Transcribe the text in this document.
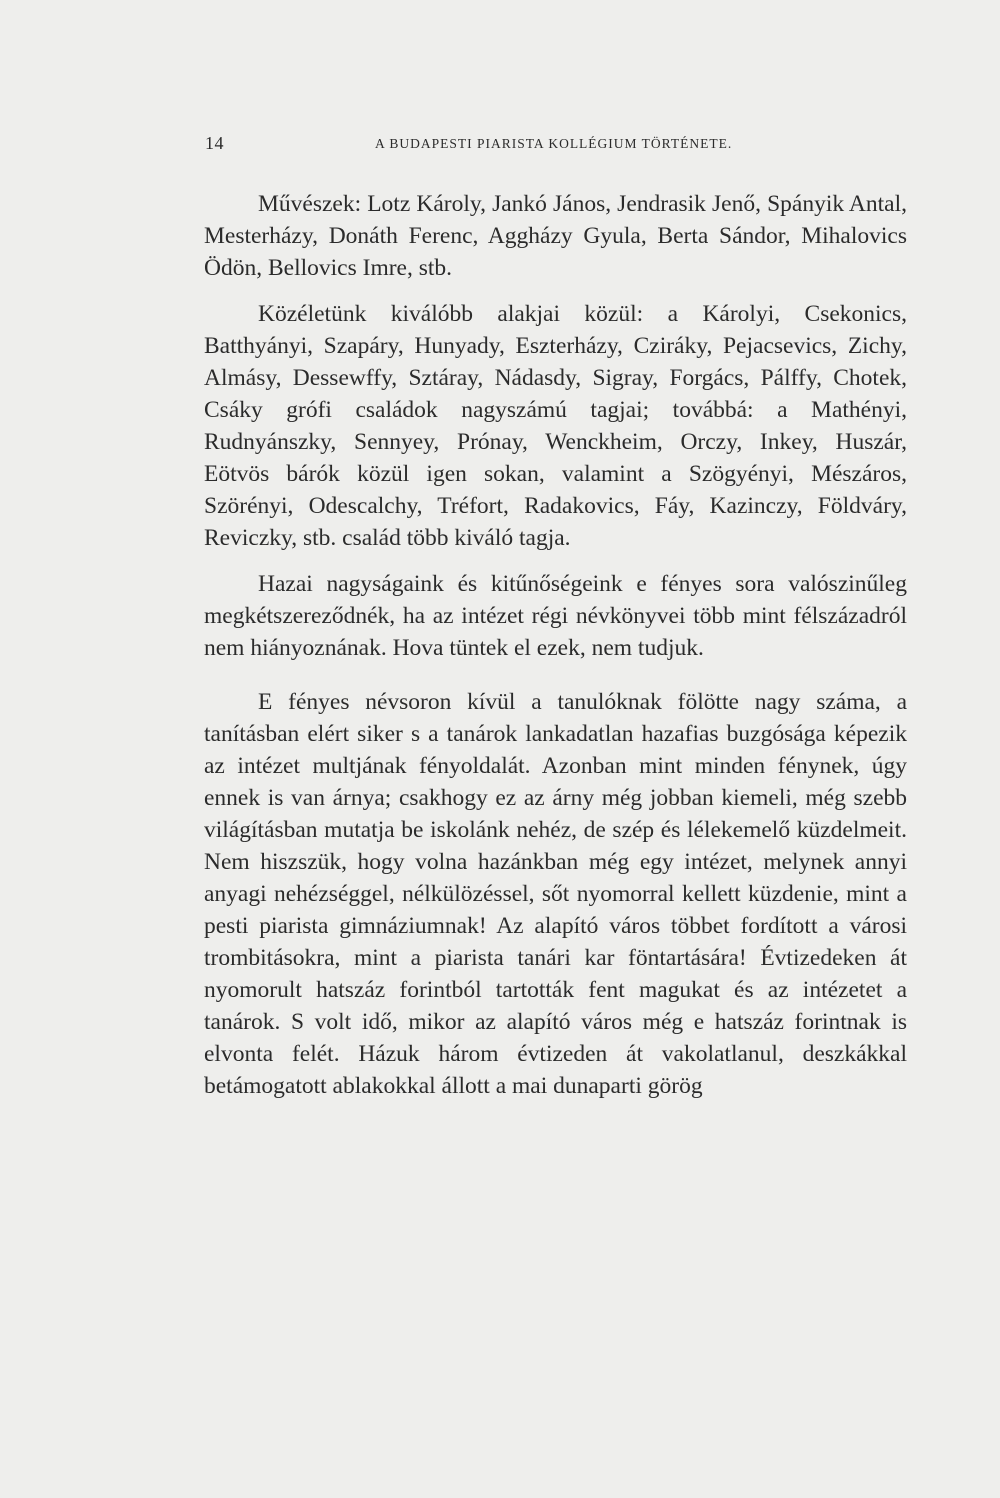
14	A BUDAPESTI PIARISTA KOLLÉGIUM TÖRTÉNETE.

Művészek: Lotz Károly, Jankó János, Jendrasik Jenő, Spányik Antal, Mesterházy, Donáth Ferenc, Aggházy Gyula, Berta Sándor, Mihalovics Ödön, Bellovics Imre, stb.

Közéletünk kiválóbb alakjai közül: a Károlyi, Csekonics, Batthyányi, Szapáry, Hunyady, Eszterházy, Cziráky, Pejacsevics, Zichy, Almásy, Dessewffy, Sztáray, Nádasdy, Sigray, Forgács, Pálffy, Chotek, Csáky grófi családok nagyszámú tagjai; továbbá: a Mathényi, Rudnyánszky, Sennyey, Prónay, Wenckheim, Orczy, Inkey, Huszár, Eötvös bárók közül igen sokan, valamint a Szögyényi, Mészáros, Szörényi, Odescalchy, Tréfort, Radakovics, Fáy, Kazinczy, Földváry, Reviczky, stb. család több kiváló tagja.

Hazai nagyságaink és kitűnőségeink e fényes sora valószinűleg megkétszereződnék, ha az intézet régi névkönyvei több mint félszázadról nem hiányoznának. Hova tüntek el ezek, nem tudjuk.

E fényes névsoron kívül a tanulóknak fölötte nagy száma, a tanításban elért siker s a tanárok lankadatlan hazafias buzgósága képezik az intézet multjának fényoldalát. Azonban mint minden fénynek, úgy ennek is van árnya; csakhogy ez az árny még jobban kiemeli, még szebb világításban mutatja be iskolánk nehéz, de szép és lélekemelő küzdelmeit. Nem hiszszük, hogy volna hazánkban még egy intézet, melynek annyi anyagi nehézséggel, nélkülözéssel, sőt nyomorral kellett küzdenie, mint a pesti piarista gimnáziumnak! Az alapító város többet fordított a városi trombitásokra, mint a piarista tanári kar föntartására! Évtizedeken át nyomorult hatszáz forintból tartották fent magukat és az intézetet a tanárok. S volt idő, mikor az alapító város még e hatszáz forintnak is elvonta felét. Házuk három évtizeden át vakolatlanul, deszkákkal betámogatott ablakokkal állott a mai dunaparti görög
